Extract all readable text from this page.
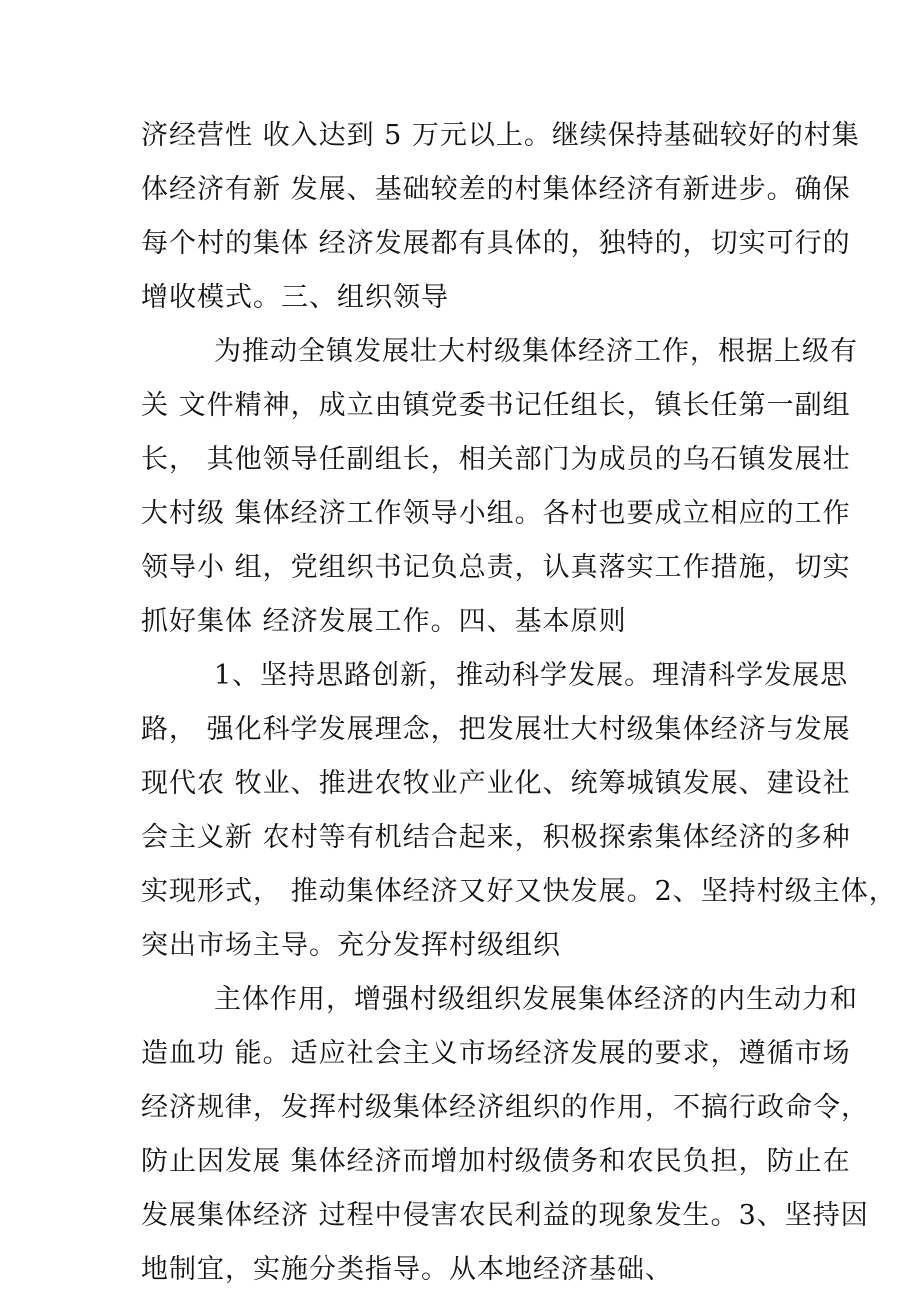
济经营性 收入达到 5 万元以上。继续保持基础较好的村集
体经济有新 发展、基础较差的村集体经济有新进步。确保
每个村的集体 经济发展都有具体的，独特的，切实可行的
增收模式。三、组织领导
为推动全镇发展壮大村级集体经济工作，根据上级有
关 文件精神，成立由镇党委书记任组长，镇长任第一副组
长， 其他领导任副组长，相关部门为成员的乌石镇发展壮
大村级 集体经济工作领导小组。各村也要成立相应的工作
领导小 组，党组织书记负总责，认真落实工作措施，切实
抓好集体 经济发展工作。四、基本原则
1、坚持思路创新，推动科学发展。理清科学发展思
路， 强化科学发展理念，把发展壮大村级集体经济与发展
现代农 牧业、推进农牧业产业化、统筹城镇发展、建设社
会主义新 农村等有机结合起来，积极探索集体经济的多种
实现形式， 推动集体经济又好又快发展。2、坚持村级主体，
突出市场主导。充分发挥村级组织
主体作用，增强村级组织发展集体经济的内生动力和
造血功 能。适应社会主义市场经济发展的要求，遵循市场
经济规律，发挥村级集体经济组织的作用，不搞行政命令，
防止因发展 集体经济而增加村级债务和农民负担，防止在
发展集体经济 过程中侵害农民利益的现象发生。3、坚持因
地制宜，实施分类指导。从本地经济基础、
